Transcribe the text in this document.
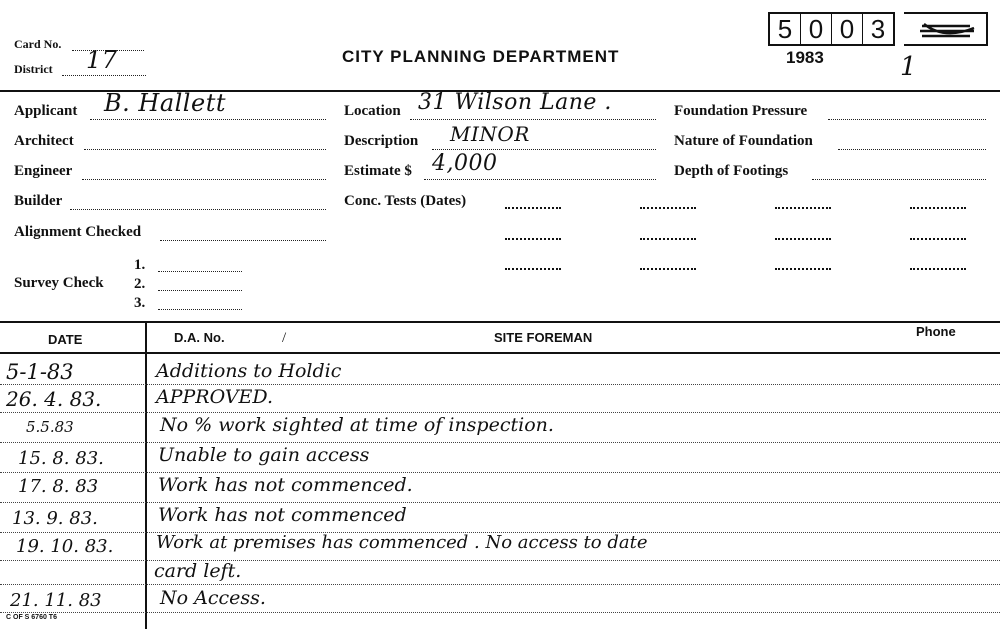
Card No.
District 17	CITY PLANNING DEPARTMENT
5 0 0 3
1983	1
Applicant B. Hallett
Architect
Engineer
Builder
Alignment Checked
Survey Check
1.
2.
3.
Location 31 Wilson Lane .
Description MINOR
Estimate $ 4,000
Conc. Tests (Dates)
Foundation Pressure
Nature of Foundation
Depth of Footings
DATE	D.A. No.	/	SITE FOREMAN	Phone
5-1-83	Additions to Holdic
26. 4. 83.	APPROVED.
5.5.83	No % work sighted at time of inspection.
15. 8. 83.	Unable to gain access
17. 8. 83	Work has not commenced.
13. 9. 83.	Work has not commenced
19. 10. 83. Work at premises has commenced . No access to date
card left.
21. 11. 83	No Access.
C OF S 6760 T6
